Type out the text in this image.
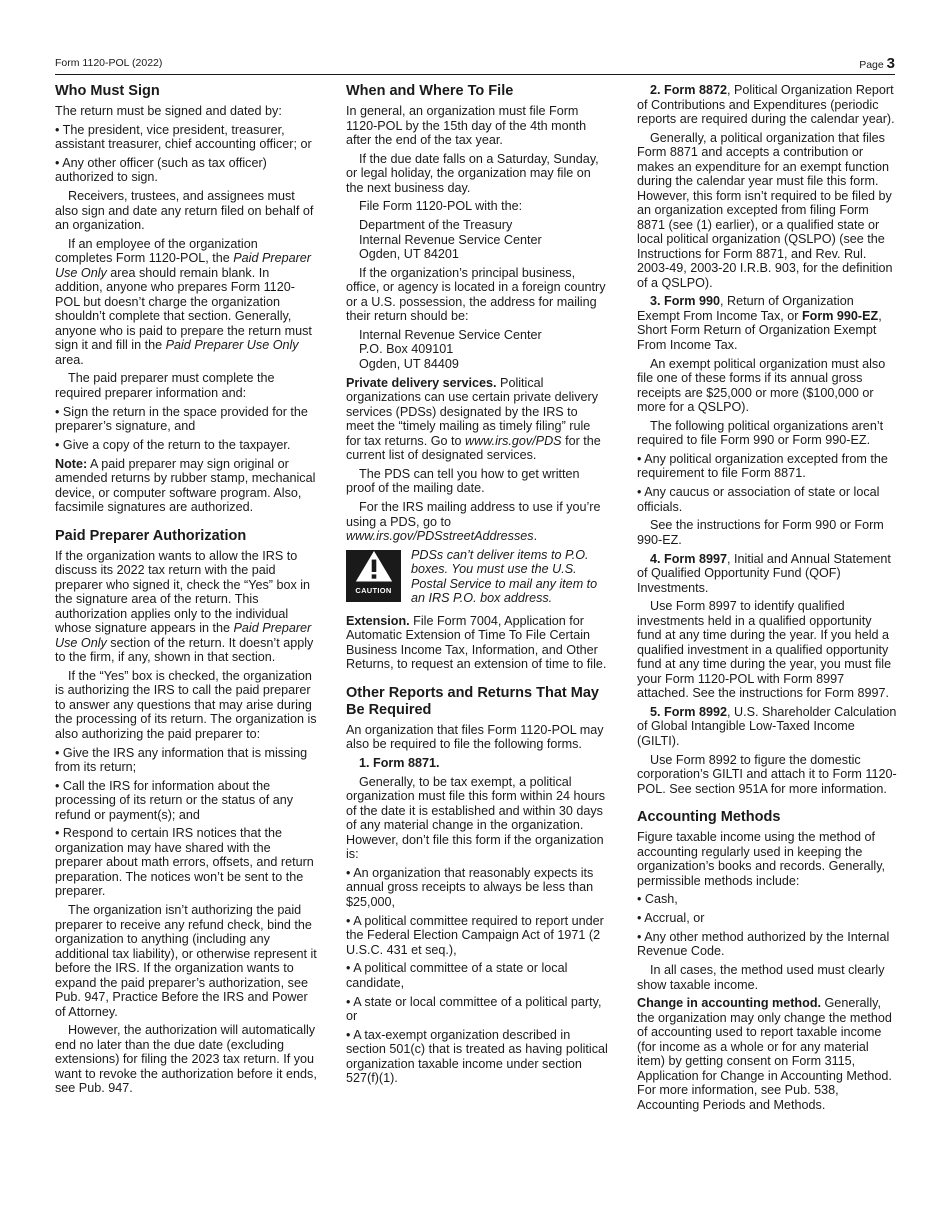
Form 1120-POL (2022)	Page 3
Who Must Sign

The return must be signed and dated by:

• The president, vice president, treasurer, assistant treasurer, chief accounting officer; or

• Any other officer (such as tax officer) authorized to sign.

Receivers, trustees, and assignees must also sign and date any return filed on behalf of an organization.

If an employee of the organization completes Form 1120-POL, the Paid Preparer Use Only area should remain blank. In addition, anyone who prepares Form 1120-POL but doesn’t charge the organization shouldn’t complete that section. Generally, anyone who is paid to prepare the return must sign it and fill in the Paid Preparer Use Only area.

The paid preparer must complete the required preparer information and:

• Sign the return in the space provided for the preparer’s signature, and

• Give a copy of the return to the taxpayer.

Note: A paid preparer may sign original or amended returns by rubber stamp, mechanical device, or computer software program. Also, facsimile signatures are authorized.

Paid Preparer Authorization

If the organization wants to allow the IRS to discuss its 2022 tax return with the paid preparer who signed it, check the “Yes” box in the signature area of the return. This authorization applies only to the individual whose signature appears in the Paid Preparer Use Only section of the return. It doesn’t apply to the firm, if any, shown in that section.

If the “Yes” box is checked, the organization is authorizing the IRS to call the paid preparer to answer any questions that may arise during the processing of its return. The organization is also authorizing the paid preparer to:

• Give the IRS any information that is missing from its return;

• Call the IRS for information about the processing of its return or the status of any refund or payment(s); and

• Respond to certain IRS notices that the organization may have shared with the preparer about math errors, offsets, and return preparation. The notices won’t be sent to the preparer.

The organization isn’t authorizing the paid preparer to receive any refund check, bind the organization to anything (including any additional tax liability), or otherwise represent it before the IRS. If the organization wants to expand the paid preparer’s authorization, see Pub. 947, Practice Before the IRS and Power of Attorney.

However, the authorization will automatically end no later than the due date (excluding extensions) for filing the 2023 tax return. If you want to revoke the authorization before it ends, see Pub. 947.

When and Where To File

In general, an organization must file Form 1120-POL by the 15th day of the 4th month after the end of the tax year.

If the due date falls on a Saturday, Sunday, or legal holiday, the organization may file on the next business day.

File Form 1120-POL with the:

Department of the Treasury
Internal Revenue Service Center
Ogden, UT 84201

If the organization’s principal business, office, or agency is located in a foreign country or a U.S. possession, the address for mailing their return should be:

Internal Revenue Service Center
P.O. Box 409101
Ogden, UT 84409

Private delivery services. Political organizations can use certain private delivery services (PDSs) designated by the IRS to meet the “timely mailing as timely filing” rule for tax returns. Go to www.irs.gov/PDS for the current list of designated services.

The PDS can tell you how to get written proof of the mailing date.

For the IRS mailing address to use if you’re using a PDS, go to www.irs.gov/PDSstreetAddresses.

CAUTION
PDSs can’t deliver items to P.O. boxes. You must use the U.S. Postal Service to mail any item to an IRS P.O. box address.

Extension. File Form 7004, Application for Automatic Extension of Time To File Certain Business Income Tax, Information, and Other Returns, to request an extension of time to file.

Other Reports and Returns That May Be Required

An organization that files Form 1120-POL may also be required to file the following forms.

1. Form 8871.

Generally, to be tax exempt, a political organization must file this form within 24 hours of the date it is established and within 30 days of any material change in the organization. However, don’t file this form if the organization is:

• An organization that reasonably expects its annual gross receipts to always be less than $25,000,

• A political committee required to report under the Federal Election Campaign Act of 1971 (2 U.S.C. 431 et seq.),

• A political committee of a state or local candidate,

• A state or local committee of a political party, or

• A tax-exempt organization described in section 501(c) that is treated as having political organization taxable income under section 527(f)(1).

2. Form 8872, Political Organization Report of Contributions and Expenditures (periodic reports are required during the calendar year).

Generally, a political organization that files Form 8871 and accepts a contribution or makes an expenditure for an exempt function during the calendar year must file this form. However, this form isn’t required to be filed by an organization excepted from filing Form 8871 (see (1) earlier), or a qualified state or local political organization (QSLPO) (see the Instructions for Form 8871, and Rev. Rul. 2003-49, 2003-20 I.R.B. 903, for the definition of a QSLPO).

3. Form 990, Return of Organization Exempt From Income Tax, or Form 990-EZ, Short Form Return of Organization Exempt From Income Tax.

An exempt political organization must also file one of these forms if its annual gross receipts are $25,000 or more ($100,000 or more for a QSLPO).

The following political organizations aren’t required to file Form 990 or Form 990-EZ.

• Any political organization excepted from the requirement to file Form 8871.

• Any caucus or association of state or local officials.

See the instructions for Form 990 or Form 990-EZ.

4. Form 8997, Initial and Annual Statement of Qualified Opportunity Fund (QOF) Investments.

Use Form 8997 to identify qualified investments held in a qualified opportunity fund at any time during the year. If you held a qualified investment in a qualified opportunity fund at any time during the year, you must file your Form 1120-POL with Form 8997 attached. See the instructions for Form 8997.

5. Form 8992, U.S. Shareholder Calculation of Global Intangible Low-Taxed Income (GILTI).

Use Form 8992 to figure the domestic corporation’s GILTI and attach it to Form 1120-POL. See section 951A for more information.

Accounting Methods

Figure taxable income using the method of accounting regularly used in keeping the organization’s books and records. Generally, permissible methods include:

• Cash,

• Accrual, or

• Any other method authorized by the Internal Revenue Code.

In all cases, the method used must clearly show taxable income.

Change in accounting method. Generally, the organization may only change the method of accounting used to report taxable income (for income as a whole or for any material item) by getting consent on Form 3115, Application for Change in Accounting Method. For more information, see Pub. 538, Accounting Periods and Methods.
